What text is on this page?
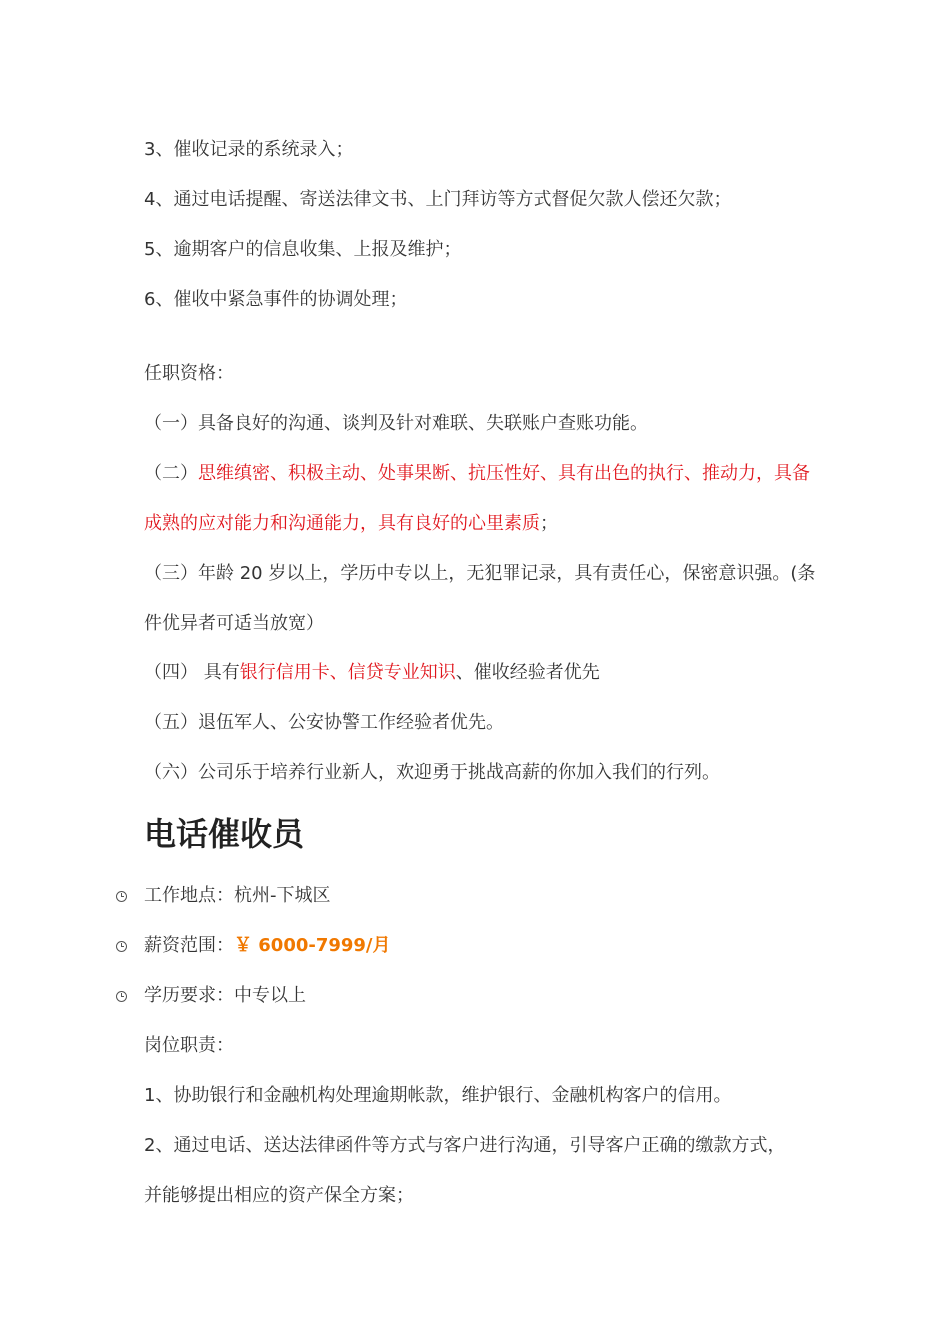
3、催收记录的系统录入；
4、通过电话提醒、寄送法律文书、上门拜访等方式督促欠款人偿还欠款；
5、逾期客户的信息收集、上报及维护；
6、催收中紧急事件的协调处理；
任职资格：
（一）具备良好的沟通、谈判及针对难联、失联账户查账功能。
（二）思维缜密、积极主动、处事果断、抗压性好、具有出色的执行、推动力，具备
成熟的应对能力和沟通能力，具有良好的心里素质；
（三）年龄 20 岁以上，学历中专以上，无犯罪记录，具有责任心，保密意识强。(条
件优异者可适当放宽）
（四） 具有银行信用卡、信贷专业知识、催收经验者优先
（五）退伍军人、公安协警工作经验者优先。
（六）公司乐于培养行业新人，欢迎勇于挑战高薪的你加入我们的行列。
电话催收员
工作地点：杭州-下城区
薪资范围：￥ 6000-7999/月
学历要求：中专以上
岗位职责：
1、协助银行和金融机构处理逾期帐款，维护银行、金融机构客户的信用。
2、通过电话、送达法律函件等方式与客户进行沟通，引导客户正确的缴款方式，
并能够提出相应的资产保全方案；
